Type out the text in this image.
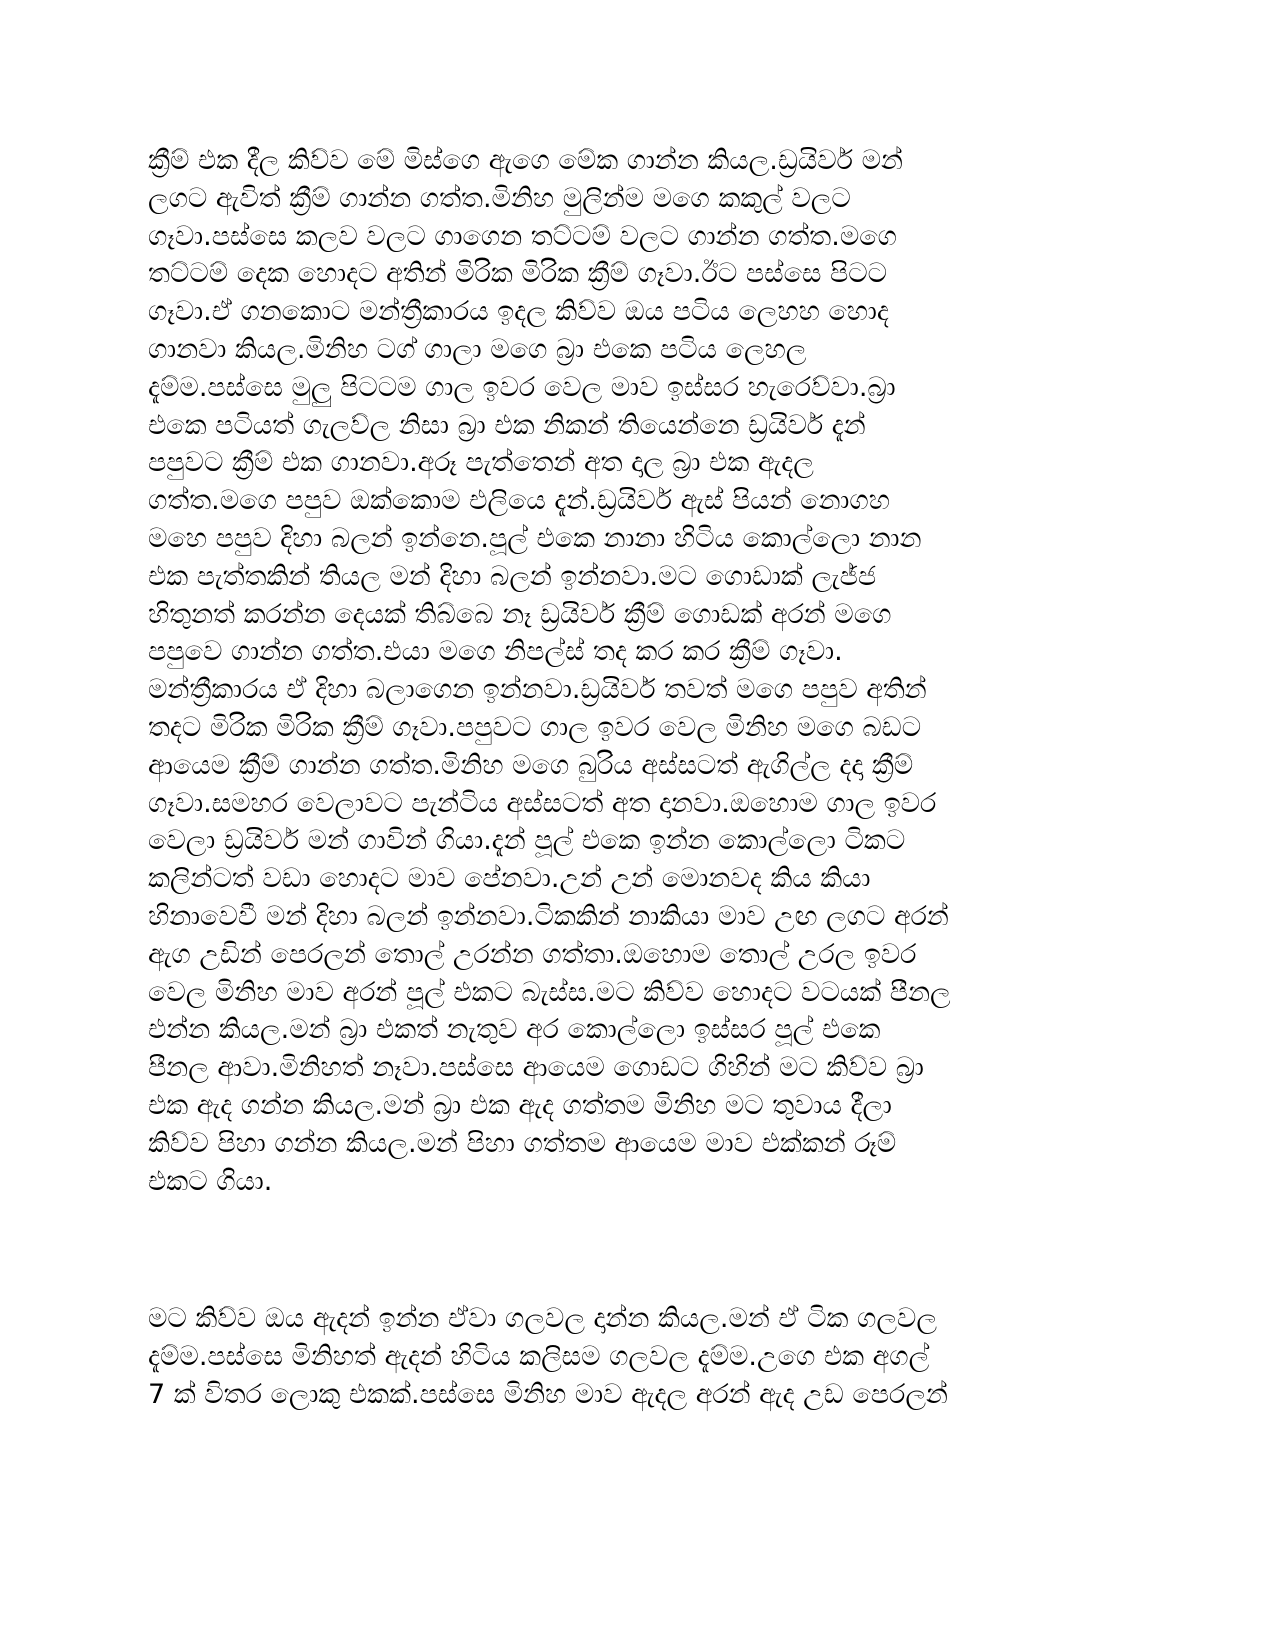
ක්‍රීම් එක දීල කිව්ව මේ මිස්ගෙ ඇගෙ මේක ගාන්න කියල.ඩ්‍රයිවර් මන්
ලගට ඇවිත් ක්‍රීම් ගාන්න ගත්ත.මිනිහ මුලින්ම මගෙ කකුල් වලට
ගෑවා.පස්සෙ කලව වලට ගාගෙන තට්ටම් වලට ගාන්න ගත්ත.මගෙ
තට්ටම් දෙක හොදට අතින් මිරික මිරික ක්‍රීම් ගෑවා.ඊට පස්සෙ පිටට
ගෑවා.ඒ ගනකොට මන්ත්‍රීකාරය ඉදල කිව්ව ඔය පටිය ලෙහහ හොද
ගානවා කියල.මිනිහ ටග් ගාලා මගෙ බ්‍රා එකෙ පටිය ලෙහල
දැම්ම.පස්සෙ මුලු පිටටම ගාල ඉවර වෙල මාව ඉස්සර හැරෙව්වා.බ්‍රා
එකෙ පටියත් ගැලව්ල නිසා බ්‍රා එක නිකන් තියෙන්නෙ ඩ්‍රයිවර් දැන්
පපුවට ක්‍රීම් එක ගානවා.අරූ පැත්තෙන් අත දාල බ්‍රා එක ඇදල
ගත්ත.මගෙ පපුව ඔක්කොම එලියෙ දැන්.ඩ්‍රයිවර් ඇස් පියන් නොගහ
මහෙ පපුව දිහා බලන් ඉන්නෙ.පූල් එකෙ නානා හිටිය කොල්ලො නාන
එක පැත්තකින් තියල මන් දිහා බලන් ඉන්නවා.මට ගොඩාක් ලැජ්ජ
හිතුනත් කරන්න දෙයක් තිබ්බෙ නෑ ඩ්‍රයිවර් ක්‍රීම් ගොඩක් අරන් මගෙ
පපුවෙ ගාන්න ගත්ත.එයා මගෙ නිපල්ස් තද කර කර ක්‍රීම් ගෑවා.
මන්ත්‍රීකාරය ඒ දිහා බලාගෙන ඉන්නවා.ඩ්‍රයිවර් තවත් මගෙ පපුව අතින්
තදට මිරික මිරික ක්‍රීම් ගෑවා.පපුවට ගාල ඉවර වෙල මිනිහ මගෙ බඩට
ආයෙම ක්‍රීම් ගාන්න ගත්ත.මිනිහ මගෙ බුරිය අස්සටත් ඇගිල්ල දදා ක්‍රීම්
ගෑවා.සමහර වෙලාවට පැන්ටිය අස්සටත් අත දානවා.ඔහොම ගාල ඉවර
වෙලා ඩ්‍රයිවර් මන් ගාවින් ගියා.දැන් පූල් එකෙ ඉන්න කොල්ලො ටිකට
කලින්ටත් වඩා හොදට මාව පේනවා.උන් උන් මොනවද කිය කියා
හිනාවෙවී මන් දිහා බලන් ඉන්නවා.ටිකකින් නාකියා මාව උඟ ලගට අරන්
ඇග උඩින් පෙරලන් තොල් උරන්න ගත්තා.ඔහොම තොල් උරල ඉවර
වෙල මිනිහ මාව අරන් පූල් එකට බැස්ස.මට කිව්ව හොදට වටයක් පීනල
එන්න කියල.මන් බ්‍රා එකත් නැතුව අර කොල්ලො ඉස්සර පූල් එකෙ
පීනල ආවා.මිනිහත් නෑවා.පස්සෙ ආයෙම ගොඩට ගිහින් මට කිව්ව බ්‍රා
එක ඇද ගන්න කියල.මන් බ්‍රා එක ඇද ගත්තම මිනිහ මට තුවාය දීලා
කිව්ව පිහා ගන්න කියල.මන් පිහා ගත්තම ආයෙම මාව එක්කන් රූම්
එකට ගියා.
මට කිව්ව ඔය ඇදන් ඉන්න ඒවා ගලවල දාන්න කියල.මන් ඒ ටික ගලවල
දැම්ම.පස්සෙ මිනිහත් ඇදන් හිටිය කලිසම ගලවල දැම්ම.උගෙ එක අගල්
7 ක් විතර ලොකු එකක්.පස්සෙ මිනිහ මාව ඇදල අරන් ඇද උඩ පෙරලන්
